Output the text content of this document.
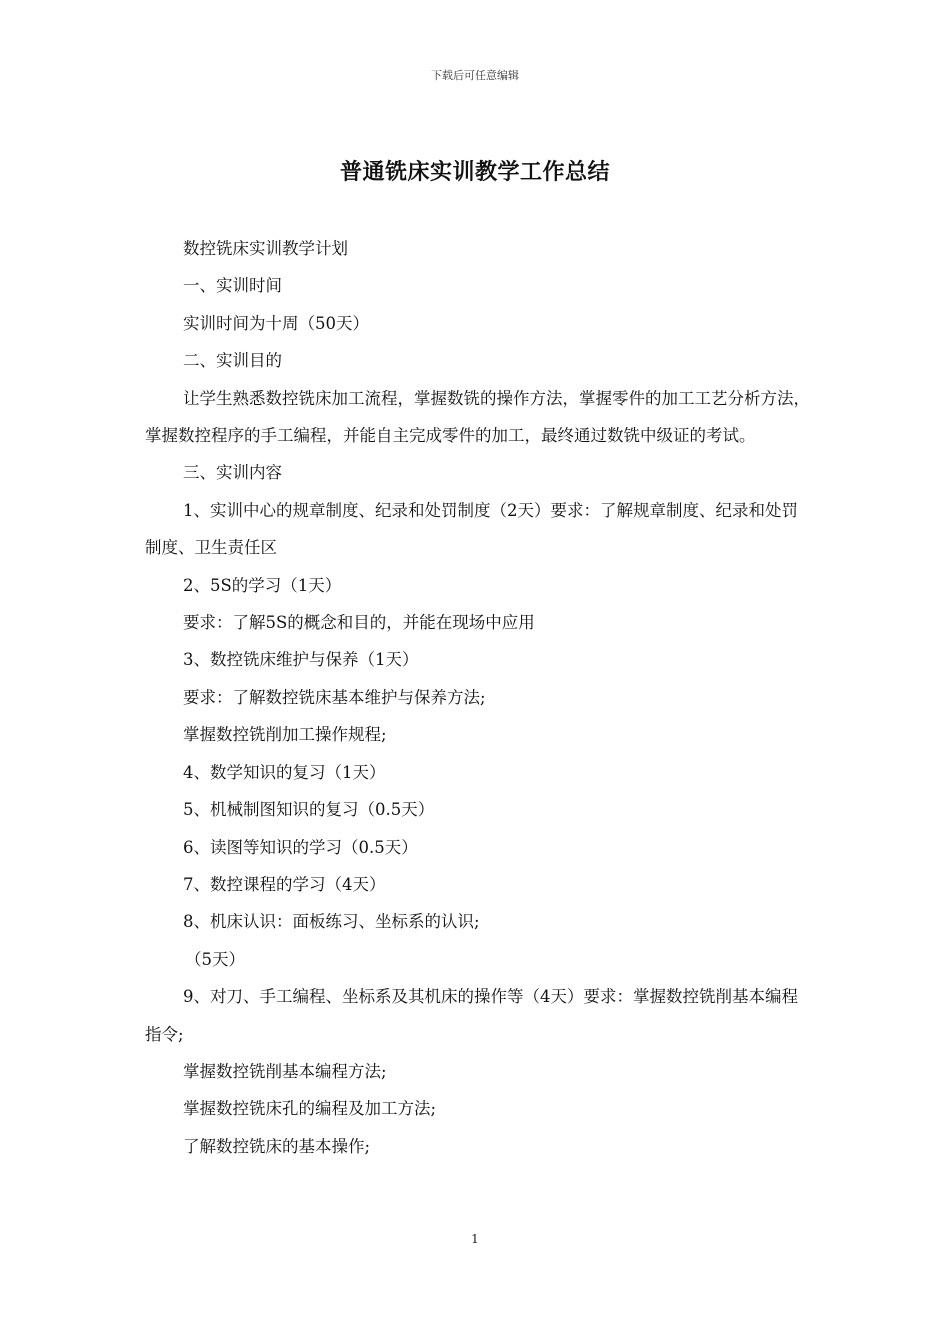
下载后可任意编辑
普通铣床实训教学工作总结

数控铣床实训教学计划

一、实训时间

实训时间为十周（50天）

二、实训目的

让学生熟悉数控铣床加工流程，掌握数铣的操作方法，掌握零件的加工工艺分析方法，掌握数控程序的手工编程，并能自主完成零件的加工，最终通过数铣中级证的考试。

三、实训内容

1、实训中心的规章制度、纪录和处罚制度（2天）要求：了解规章制度、纪录和处罚制度、卫生责任区

2、5S的学习（1天）

要求：了解5S的概念和目的，并能在现场中应用

3、数控铣床维护与保养（1天）

要求：了解数控铣床基本维护与保养方法;

掌握数控铣削加工操作规程;

4、数学知识的复习（1天）

5、机械制图知识的复习（0.5天）

6、读图等知识的学习（0.5天）

7、数控课程的学习（4天）

8、机床认识：面板练习、坐标系的认识;

（5天）

9、对刀、手工编程、坐标系及其机床的操作等（4天）要求：掌握数控铣削基本编程指令;

掌握数控铣削基本编程方法;

掌握数控铣床孔的编程及加工方法;

了解数控铣床的基本操作;

1
